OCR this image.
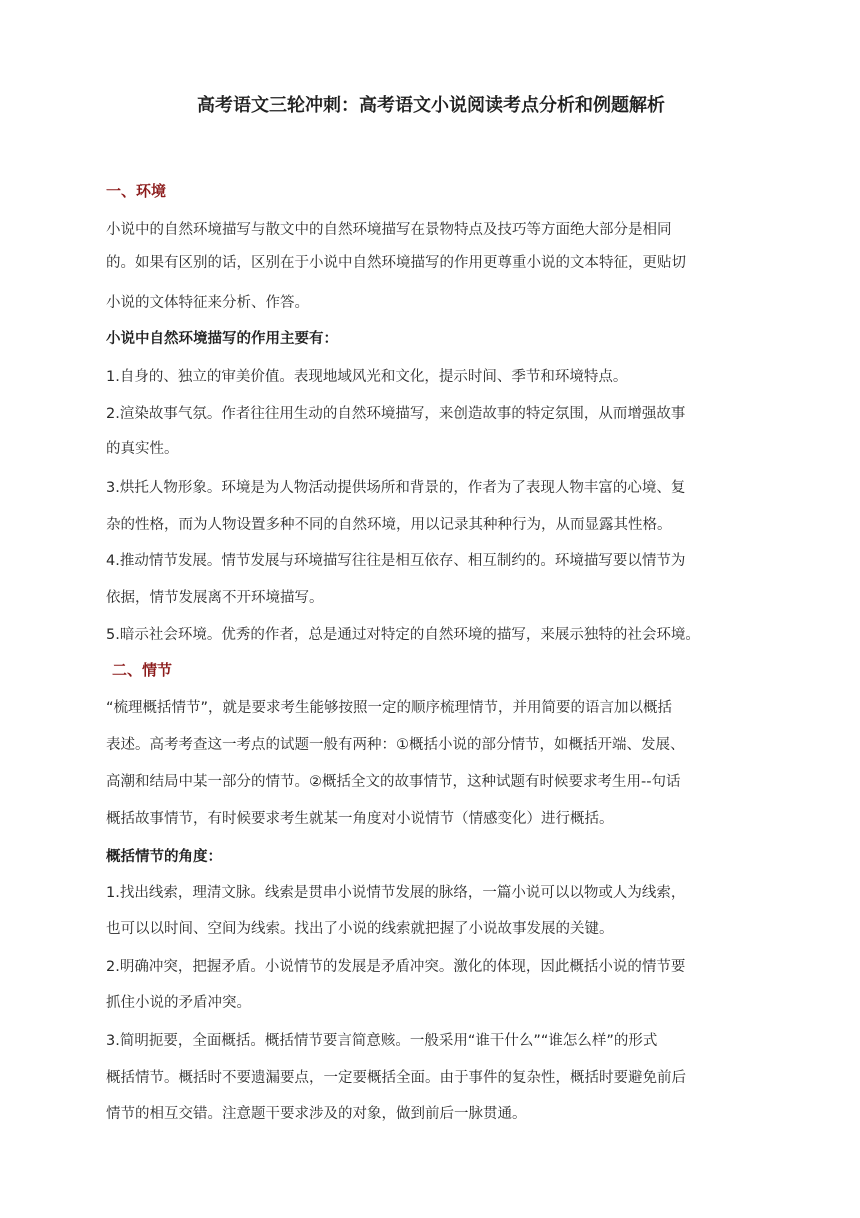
高考语文三轮冲刺：高考语文小说阅读考点分析和例题解析
一、环境
小说中的自然环境描写与散文中的自然环境描写在景物特点及技巧等方面绝大部分是相同
的。如果有区别的话，区别在于小说中自然环境描写的作用更尊重小说的文本特征，更贴切
小说的文体特征来分析、作答。
小说中自然环境描写的作用主要有：
1.自身的、独立的审美价值。表现地域风光和文化，提示时间、季节和环境特点。
2.渲染故事气氛。作者往往用生动的自然环境描写，来创造故事的特定氛围，从而增强故事
的真实性。
3.烘托人物形象。环境是为人物活动提供场所和背景的，作者为了表现人物丰富的心境、复
杂的性格，而为人物设置多种不同的自然环境，用以记录其种种行为，从而显露其性格。
4.推动情节发展。情节发展与环境描写往往是相互依存、相互制约的。环境描写要以情节为
依据，情节发展离不开环境描写。
5.暗示社会环境。优秀的作者，总是通过对特定的自然环境的描写，来展示独特的社会环境。
二、情节
“梳理概括情节”，就是要求考生能够按照一定的顺序梳理情节，并用简要的语言加以概括
表述。高考考查这一考点的试题一般有两种：①概括小说的部分情节，如概括开端、发展、
高潮和结局中某一部分的情节。②概括全文的故事情节，这种试题有时候要求考生用--句话
概括故事情节，有时候要求考生就某一角度对小说情节（情感变化）进行概括。
概括情节的角度：
1.找出线索，理清文脉。线索是贯串小说情节发展的脉络，一篇小说可以以物或人为线索，
也可以以时间、空间为线索。找出了小说的线索就把握了小说故事发展的关键。
2.明确冲突，把握矛盾。小说情节的发展是矛盾冲突。激化的体现，因此概括小说的情节要
抓住小说的矛盾冲突。
3.简明扼要，全面概括。概括情节要言简意赅。一般采用“谁干什么”“谁怎么样”的形式
概括情节。概括时不要遗漏要点，一定要概括全面。由于事件的复杂性，概括时要避免前后
情节的相互交错。注意题干要求涉及的对象，做到前后一脉贯通。
